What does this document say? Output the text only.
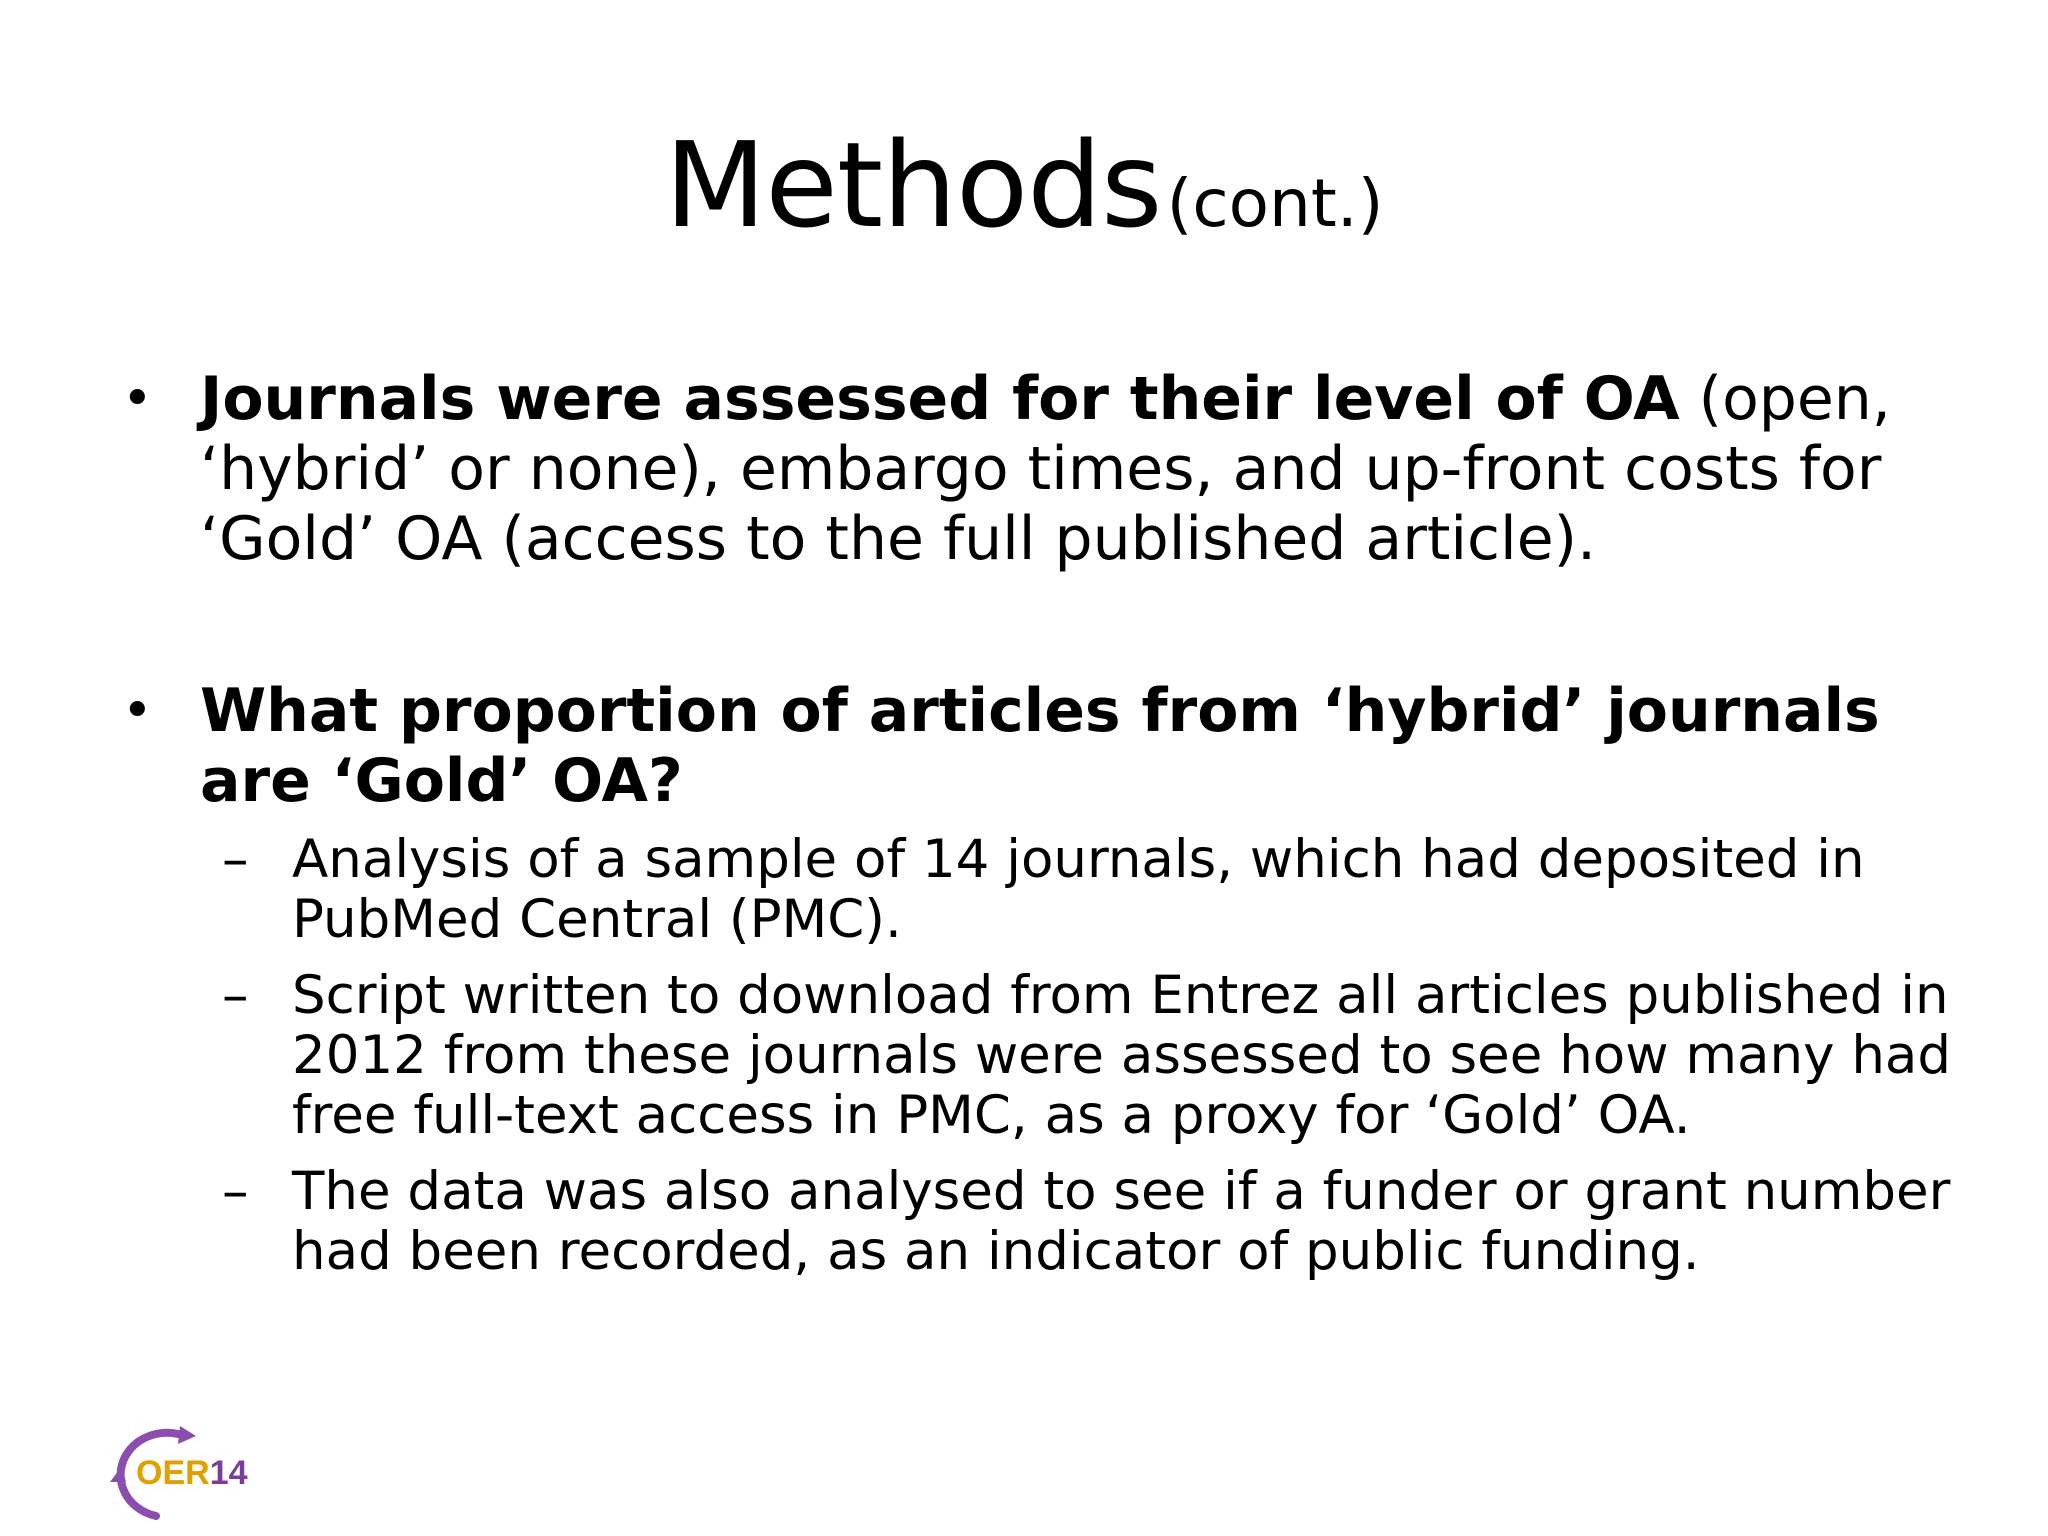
Methods (cont.)
• Journals were assessed for their level of OA (open, ‘hybrid’ or none), embargo times, and up-front costs for ‘Gold’ OA (access to the full published article).
• What proportion of articles from ‘hybrid’ journals are ‘Gold’ OA?
– Analysis of a sample of 14 journals, which had deposited in PubMed Central (PMC).
– Script written to download from Entrez all articles published in 2012 from these journals were assessed to see how many had free full-text access in PMC, as a proxy for ‘Gold’ OA.
– The data was also analysed to see if a funder or grant number had been recorded, as an indicator of public funding.
OER14
